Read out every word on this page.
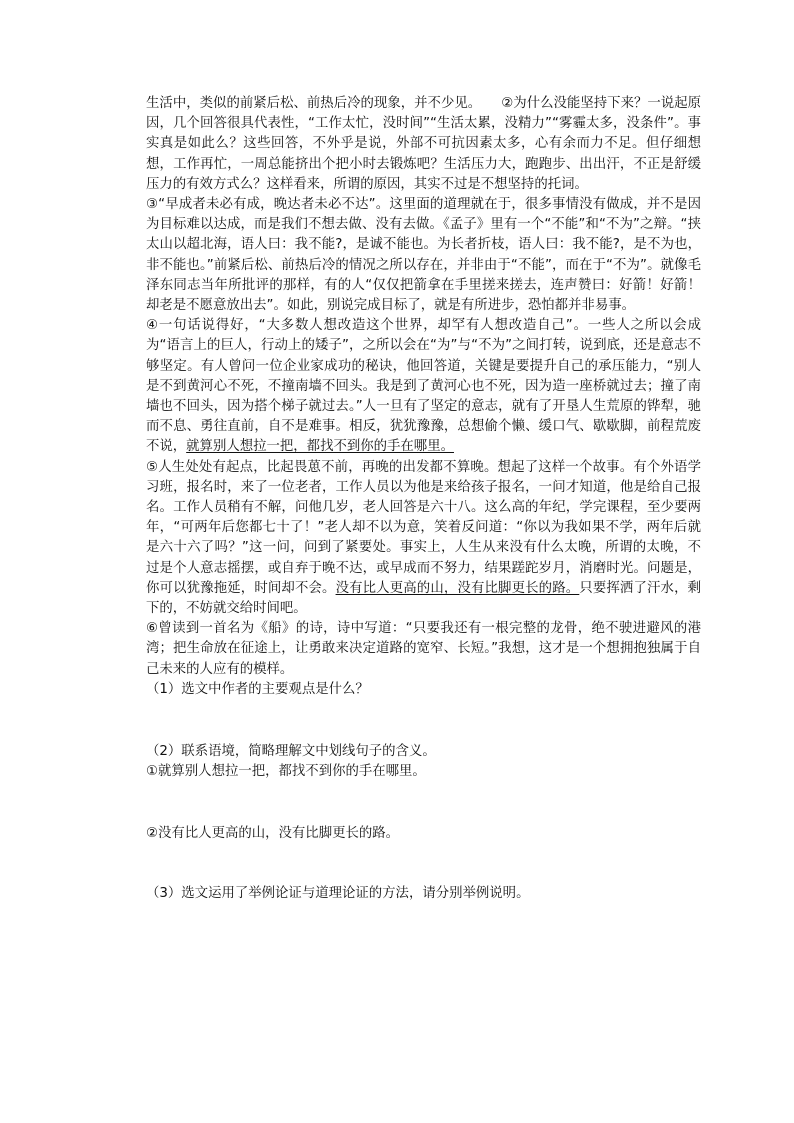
生活中，类似的前紧后松、前热后冷的现象，并不少见。　　②为什么没能坚持下来？一说起原因，几个回答很具代表性，“工作太忙，没时间”“生活太累，没精力”“雾霾太多，没条件”。事实真是如此么？这些回答，不外乎是说，外部不可抗因素太多，心有余而力不足。但仔细想想，工作再忙，一周总能挤出个把小时去锻炼吧？生活压力大，跑跑步、出出汗，不正是舒缓压力的有效方式么？这样看来，所谓的原因，其实不过是不想坚持的托词。

③“早成者未必有成，晚达者未必不达”。这里面的道理就在于，很多事情没有做成，并不是因为目标难以达成，而是我们不想去做、没有去做。《孟子》里有一个“不能”和“不为”之辩。“挟太山以超北海，语人曰：我不能?，是诚不能也。为长者折枝，语人曰：我不能?，是不为也，非不能也。”前紧后松、前热后冷的情况之所以存在，并非由于“不能”，而在于“不为”。就像毛泽东同志当年所批评的那样，有的人“仅仅把箭拿在手里搓来搓去，连声赞曰：好箭！好箭！却老是不愿意放出去”。如此，别说完成目标了，就是有所进步，恐怕都并非易事。

④一句话说得好，“大多数人想改造这个世界，却罕有人想改造自己”。一些人之所以会成为“语言上的巨人，行动上的矮子”，之所以会在“为”与“不为”之间打转，说到底，还是意志不够坚定。有人曾问一位企业家成功的秘诀，他回答道，关键是要提升自己的承压能力，“别人是不到黄河心不死，不撞南墙不回头。我是到了黄河心也不死，因为造一座桥就过去；撞了南墙也不回头，因为搭个梯子就过去。”人一旦有了坚定的意志，就有了开垦人生荒原的铧犁，驰而不息、勇往直前，自不是难事。相反，犹犹豫豫，总想偷个懒、缓口气、歇歇脚，前程荒废不说，就算别人想拉一把，都找不到你的手在哪里。

⑤人生处处有起点，比起畏葸不前，再晚的出发都不算晚。想起了这样一个故事。有个外语学习班，报名时，来了一位老者，工作人员以为他是来给孩子报名，一问才知道，他是给自己报名。工作人员稍有不解，问他几岁，老人回答是六十八。这么高的年纪，学完课程，至少要两年，“可两年后您都七十了！”老人却不以为意，笑着反问道：“你以为我如果不学，两年后就是六十六了吗？”这一问，问到了紧要处。事实上，人生从来没有什么太晚，所谓的太晚，不过是个人意志摇摆，或自弃于晚不达，或早成而不努力，结果蹉跎岁月，消磨时光。问题是，你可以犹豫拖延，时间却不会。没有比人更高的山，没有比脚更长的路。只要挥洒了汗水，剩下的，不妨就交给时间吧。

⑥曾读到一首名为《船》的诗，诗中写道：“只要我还有一根完整的龙骨，绝不驶进避风的港湾；把生命放在征途上，让勇敢来决定道路的宽窄、长短。”我想，这才是一个想拥抱独属于自己未来的人应有的模样。

（1）选文中作者的主要观点是什么？

（2）联系语境，简略理解文中划线句子的含义。

①就算别人想拉一把，都找不到你的手在哪里。

②没有比人更高的山，没有比脚更长的路。

（3）选文运用了举例论证与道理论证的方法，请分别举例说明。
